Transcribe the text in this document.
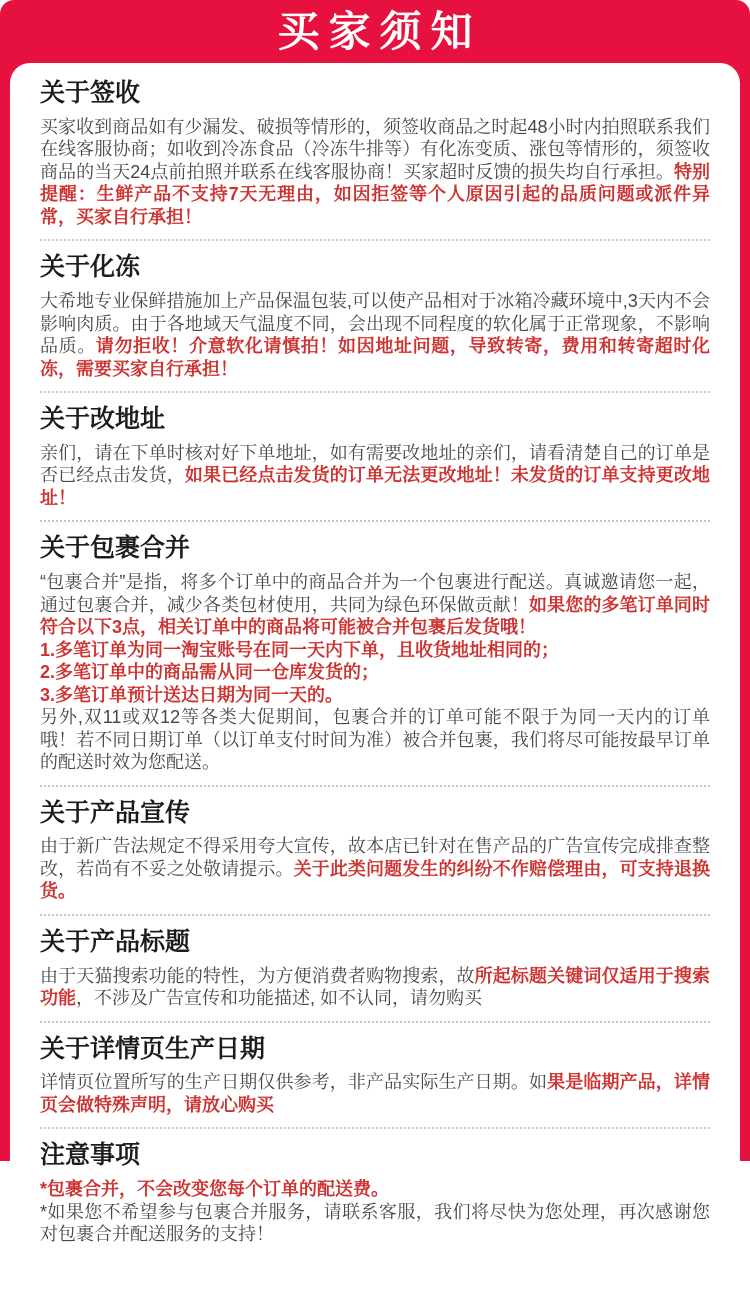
买家须知
关于签收

买家收到商品如有少漏发、破损等情形的，须签收商品之时起48小时内拍照联系我们在线客服协商；如收到冷冻食品（冷冻牛排等）有化冻变质、涨包等情形的，须签收商品的当天24点前拍照并联系在线客服协商！买家超时反馈的损失均自行承担。特别提醒：生鲜产品不支持7天无理由，如因拒签等个人原因引起的品质问题或派件异常，买家自行承担！

关于化冻

大希地专业保鲜措施加上产品保温包装,可以使产品相对于冰箱冷藏环境中,3天内不会影响肉质。由于各地域天气温度不同，会出现不同程度的软化属于正常现象，不影响品质。请勿拒收！介意软化请慎拍！如因地址问题，导致转寄，费用和转寄超时化冻，需要买家自行承担！

关于改地址

亲们，请在下单时核对好下单地址，如有需要改地址的亲们，请看清楚自己的订单是否已经点击发货，如果已经点击发货的订单无法更改地址！未发货的订单支持更改地址！

关于包裹合并

“包裹合并”是指，将多个订单中的商品合并为一个包裹进行配送。真诚邀请您一起，通过包裹合并，减少各类包材使用，共同为绿色环保做贡献！如果您的多笔订单同时符合以下3点，相关订单中的商品将可能被合并包裹后发货哦！

1.多笔订单为同一淘宝账号在同一天内下单，且收货地址相同的；

2.多笔订单中的商品需从同一仓库发货的；

3.多笔订单预计送达日期为同一天的。

另外,双11或双12等各类大促期间，包裹合并的订单可能不限于为同一天内的订单哦！若不同日期订单（以订单支付时间为准）被合并包裹，我们将尽可能按最早订单的配送时效为您配送。

关于产品宣传

由于新广告法规定不得采用夸大宣传，故本店已针对在售产品的广告宣传完成排查整改，若尚有不妥之处敬请提示。关于此类问题发生的纠纷不作赔偿理由，可支持退换货。

关于产品标题

由于天猫搜索功能的特性，为方便消费者购物搜索，故所起标题关键词仅适用于搜索功能，不涉及广告宣传和功能描述, 如不认同，请勿购买

关于详情页生产日期

详情页位置所写的生产日期仅供参考，非产品实际生产日期。如果是临期产品，详情页会做特殊声明，请放心购买

注意事项

*包裹合并，不会改变您每个订单的配送费。

*如果您不希望参与包裹合并服务，请联系客服，我们将尽快为您处理，再次感谢您对包裹合并配送服务的支持！
